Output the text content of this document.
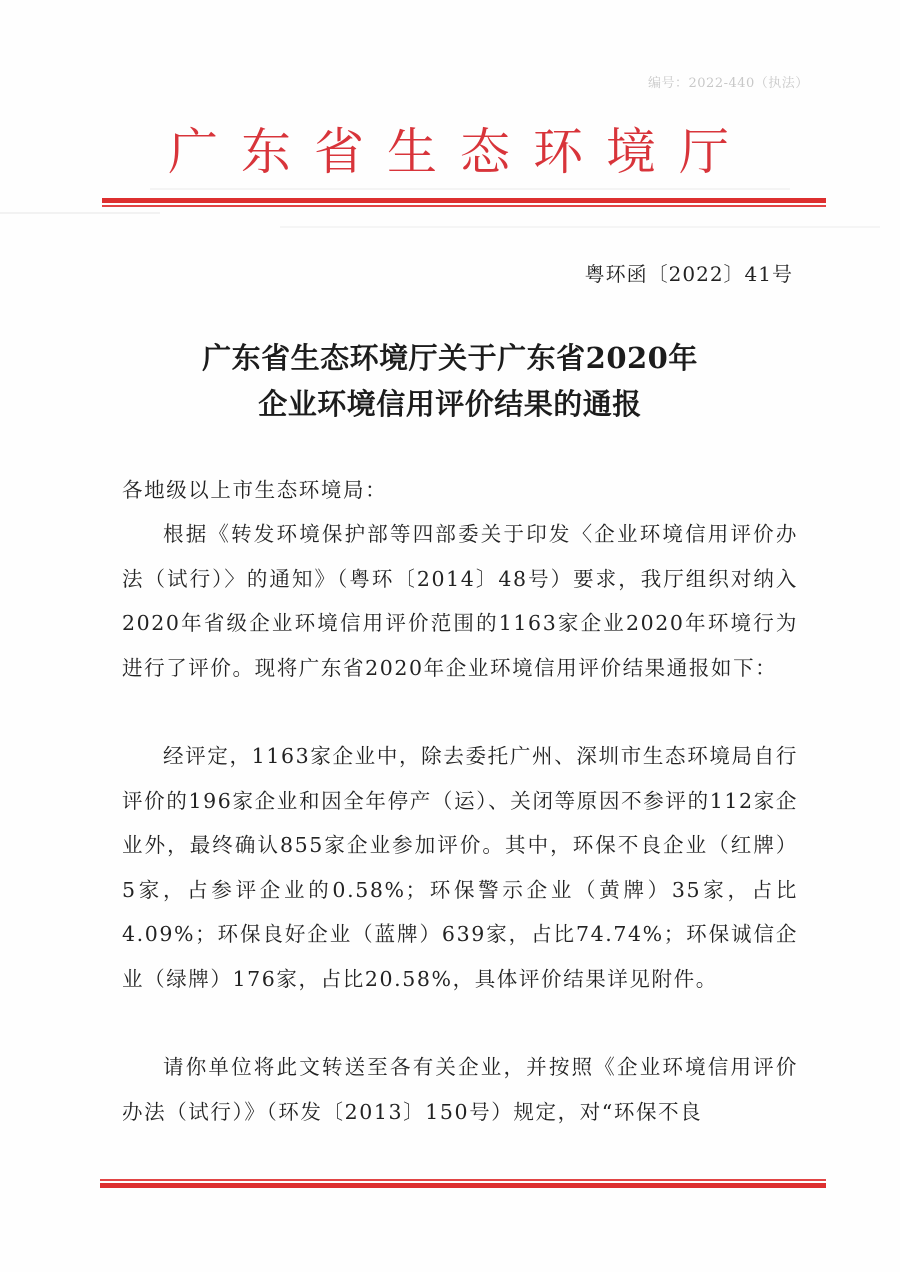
编号：2022-440（执法）
广东省生态环境厅
粤环函〔2022〕41号
广东省生态环境厅关于广东省2020年
企业环境信用评价结果的通报
各地级以上市生态环境局：
根据《转发环境保护部等四部委关于印发〈企业环境信用评价办法（试行）〉的通知》（粤环〔2014〕48号）要求，我厅组织对纳入2020年省级企业环境信用评价范围的1163家企业2020年环境行为进行了评价。现将广东省2020年企业环境信用评价结果通报如下：
经评定，1163家企业中，除去委托广州、深圳市生态环境局自行评价的196家企业和因全年停产（运）、关闭等原因不参评的112家企业外，最终确认855家企业参加评价。其中，环保不良企业（红牌）5家，占参评企业的0.58%；环保警示企业（黄牌）35家，占比4.09%；环保良好企业（蓝牌）639家，占比74.74%；环保诚信企业（绿牌）176家，占比20.58%，具体评价结果详见附件。
请你单位将此文转送至各有关企业，并按照《企业环境信用评价办法（试行）》（环发〔2013〕150号）规定，对“环保不良
